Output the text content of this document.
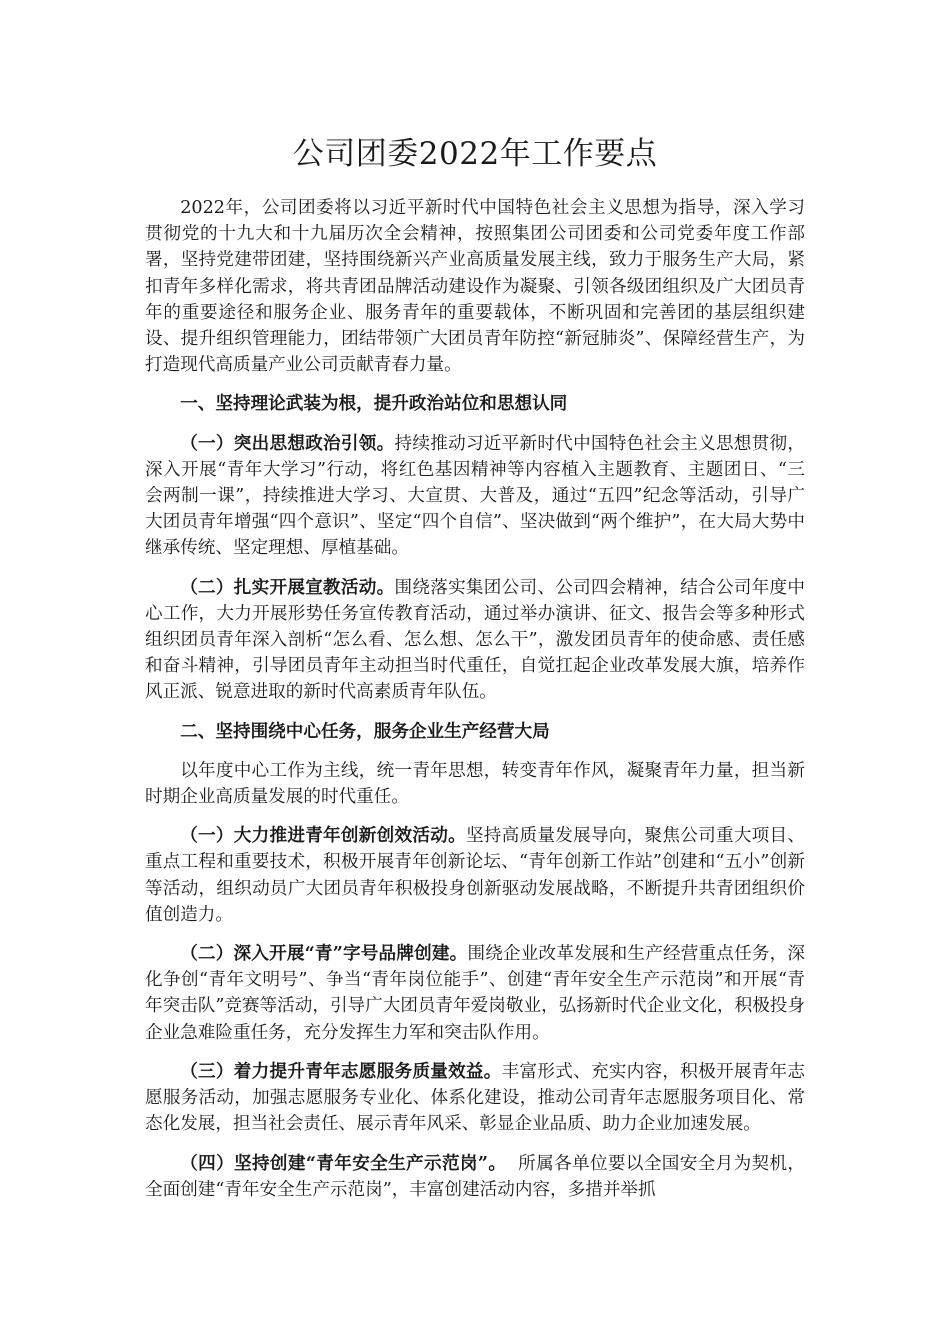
公司团委2022年工作要点

2022年，公司团委将以习近平新时代中国特色社会主义思想为指导，深入学习贯彻党的十九大和十九届历次全会精神，按照集团公司团委和公司党委年度工作部署，坚持党建带团建，坚持围绕新兴产业高质量发展主线，致力于服务生产大局，紧扣青年多样化需求，将共青团品牌活动建设作为凝聚、引领各级团组织及广大团员青年的重要途径和服务企业、服务青年的重要载体，不断巩固和完善团的基层组织建设、提升组织管理能力，团结带领广大团员青年防控“新冠肺炎”、保障经营生产，为打造现代高质量产业公司贡献青春力量。

一、坚持理论武装为根，提升政治站位和思想认同

（一）突出思想政治引领。持续推动习近平新时代中国特色社会主义思想贯彻，深入开展“青年大学习”行动，将红色基因精神等内容植入主题教育、主题团日、“三会两制一课”，持续推进大学习、大宣贯、大普及，通过“五四”纪念等活动，引导广大团员青年增强“四个意识”、坚定“四个自信”、坚决做到“两个维护”，在大局大势中继承传统、坚定理想、厚植基础。

（二）扎实开展宣教活动。围绕落实集团公司、公司四会精神，结合公司年度中心工作，大力开展形势任务宣传教育活动，通过举办演讲、征文、报告会等多种形式组织团员青年深入剖析“怎么看、怎么想、怎么干”，激发团员青年的使命感、责任感和奋斗精神，引导团员青年主动担当时代重任，自觉扛起企业改革发展大旗，培养作风正派、锐意进取的新时代高素质青年队伍。

二、坚持围绕中心任务，服务企业生产经营大局

以年度中心工作为主线，统一青年思想，转变青年作风，凝聚青年力量，担当新时期企业高质量发展的时代重任。

（一）大力推进青年创新创效活动。坚持高质量发展导向，聚焦公司重大项目、重点工程和重要技术，积极开展青年创新论坛、“青年创新工作站”创建和“五小”创新等活动，组织动员广大团员青年积极投身创新驱动发展战略，不断提升共青团组织价值创造力。

（二）深入开展“青”字号品牌创建。围绕企业改革发展和生产经营重点任务，深化争创“青年文明号”、争当“青年岗位能手”、创建“青年安全生产示范岗”和开展“青年突击队”竞赛等活动，引导广大团员青年爱岗敬业，弘扬新时代企业文化，积极投身企业急难险重任务，充分发挥生力军和突击队作用。

（三）着力提升青年志愿服务质量效益。丰富形式、充实内容，积极开展青年志愿服务活动，加强志愿服务专业化、体系化建设，推动公司青年志愿服务项目化、常态化发展，担当社会责任、展示青年风采、彰显企业品质、助力企业加速发展。

（四）坚持创建“青年安全生产示范岗”。  所属各单位要以全国安全月为契机，全面创建“青年安全生产示范岗”，丰富创建活动内容，多措并举抓
